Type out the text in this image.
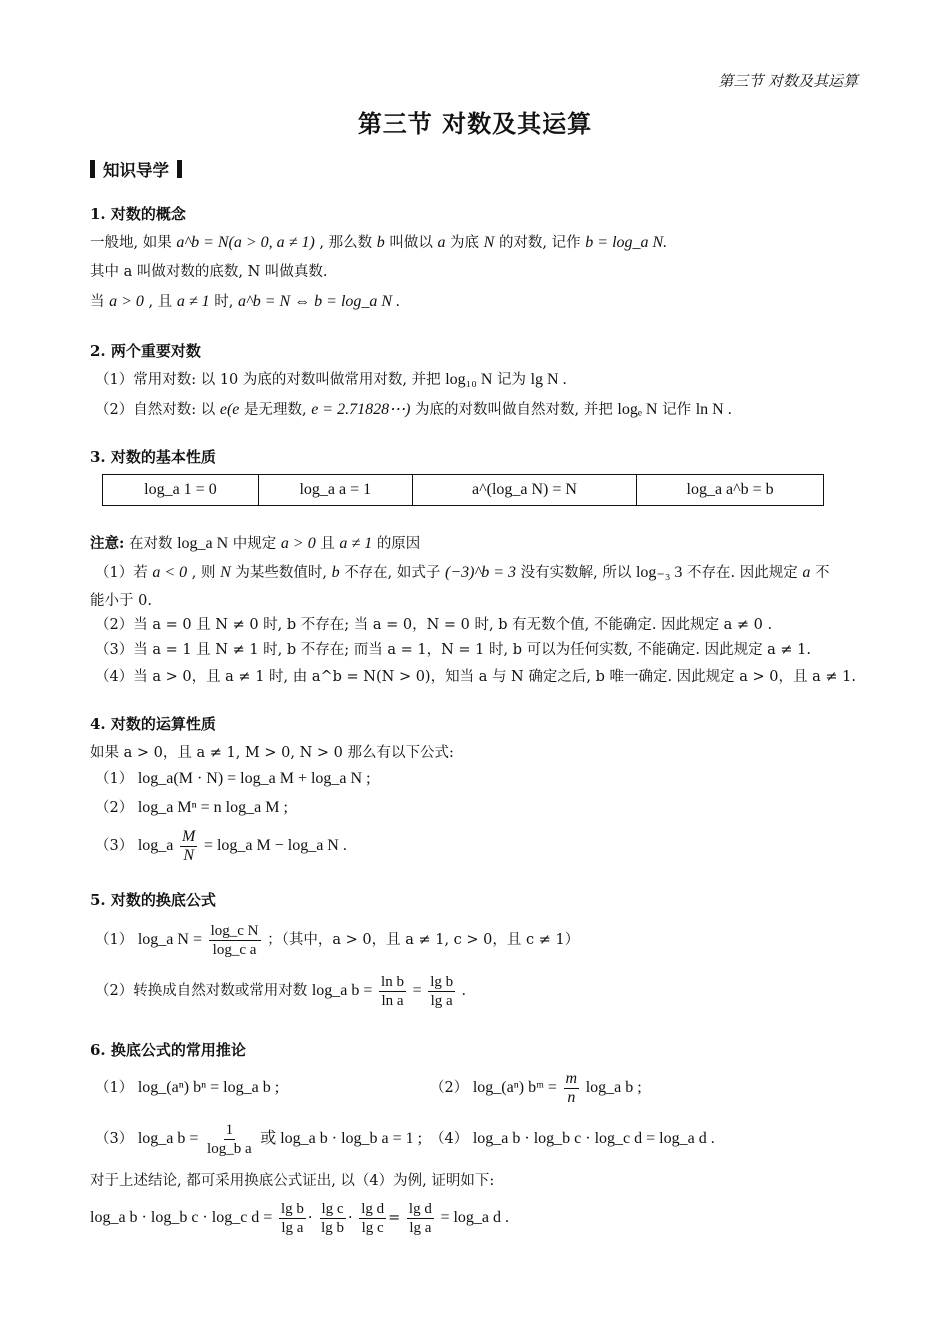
第三节 对数及其运算
第三节 对数及其运算
知识导学
1. 对数的概念
一般地, 如果 a^b = N(a > 0, a ≠ 1) , 那么数 b 叫做以 a 为底 N 的对数, 记作 b = log_a N.
其中 a 叫做对数的底数, N 叫做真数.
当 a > 0 , 且 a ≠ 1 时, a^b = N ⇔ b = log_a N .
2. 两个重要对数
（1）常用对数: 以 10 为底的对数叫做常用对数, 并把 log₁₀ N 记为 lg N .
（2）自然对数: 以 e(e 是无理数, e = 2.71828⋯) 为底的对数叫做自然对数, 并把 logₑ N 记作 ln N .
3. 对数的基本性质
log_a 1 = 0	log_a a = 1	a^(log_a N) = N	log_a a^b = b
注意: 在对数 log_a N 中规定 a > 0 且 a ≠ 1 的原因
（1）若 a < 0 , 则 N 为某些数值时, b 不存在, 如式子 (−3)^b = 3 没有实数解, 所以 log₋₃ 3 不存在. 因此规定 a 不
能小于 0.
（2）当 a = 0 且 N ≠ 0 时, b 不存在; 当 a = 0，N = 0 时, b 有无数个值, 不能确定. 因此规定 a ≠ 0 .
（3）当 a = 1 且 N ≠ 1 时, b 不存在; 而当 a = 1，N = 1 时, b 可以为任何实数, 不能确定. 因此规定 a ≠ 1.
（4）当 a > 0，且 a ≠ 1 时, 由 a^b = N(N > 0)，知当 a 与 N 确定之后, b 唯一确定. 因此规定 a > 0，且 a ≠ 1.
4. 对数的运算性质
如果 a > 0，且 a ≠ 1, M > 0, N > 0 那么有以下公式:
（1） log_a(M · N) = log_a M + log_a N ;
（2） log_a Mⁿ = n log_a M ;
（3） log_a $\frac{M}{N}$ = log_a M − log_a N .
5. 对数的换底公式
（1） log_a $N = \frac{\text{log\_c N}}{\text{log\_c a}}$ ；（其中，a > 0，且 a ≠ 1, c > 0，且 c ≠ 1）
（2）转换成自然对数或常用对数 log_a $b = \frac{\text{ln b}}{\text{ln a}} = \frac{\text{lg b}}{\text{lg a}}$ .
6. 换底公式的常用推论
（1） log_(aⁿ) bⁿ = log_a b ;	（2） log_(aⁿ) bᵐ = $\frac{m}{n}$ log_a b ;
（3） log_a $b = \frac{1}{\text{log\_b a}}$ 或 log_a b · log_b a = 1 ; （4） log_a b · log_b c · log_c d = log_a d .
对于上述结论, 都可采用换底公式证出, 以（4）为例, 证明如下:
log_a b · log_b c · log_c $d = \frac{\text{lg b}}{\text{lg a}} \cdot \frac{\text{lg c}}{\text{lg b}} \cdot \frac{\text{lg d}}{\text{lg c}} = \frac{\text{lg d}}{\text{lg a}}$ = log_a d .
